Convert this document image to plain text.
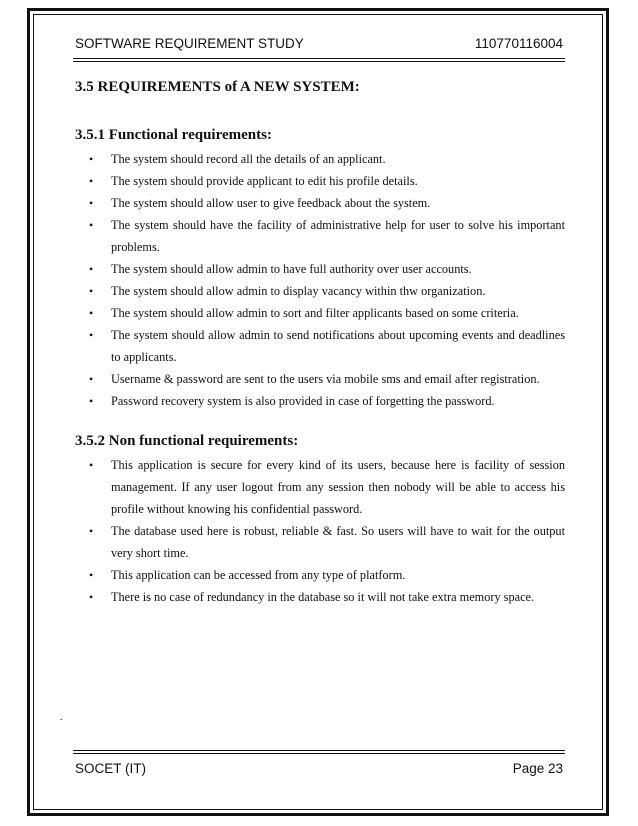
SOFTWARE REQUIREMENT STUDY	110770116004
3.5 REQUIREMENTS of A NEW SYSTEM:
3.5.1 Functional requirements:
• The system should record all the details of an applicant.
• The system should provide applicant to edit his profile details.
• The system should allow user to give feedback about the system.
• The system should have the facility of administrative help for user to solve his important problems.
• The system should allow admin to have full authority over user accounts.
• The system should allow admin to display vacancy within thw organization.
• The system should allow admin to sort and filter applicants based on some criteria.
• The system should allow admin to send notifications about upcoming events and deadlines to applicants.
• Username & password are sent to the users via mobile sms and email after registration.
• Password recovery system is also provided in case of forgetting the password.
3.5.2 Non functional requirements:
• This application is secure for every kind of its users, because here is facility of session management. If any user logout from any session then nobody will be able to access his profile without knowing his confidential password.
• The database used here is robust, reliable & fast. So users will have to wait for the output very short time.
• This application can be accessed from any type of platform.
• There is no case of redundancy in the database so it will not take extra memory space.
.
SOCET (IT)	Page 23
